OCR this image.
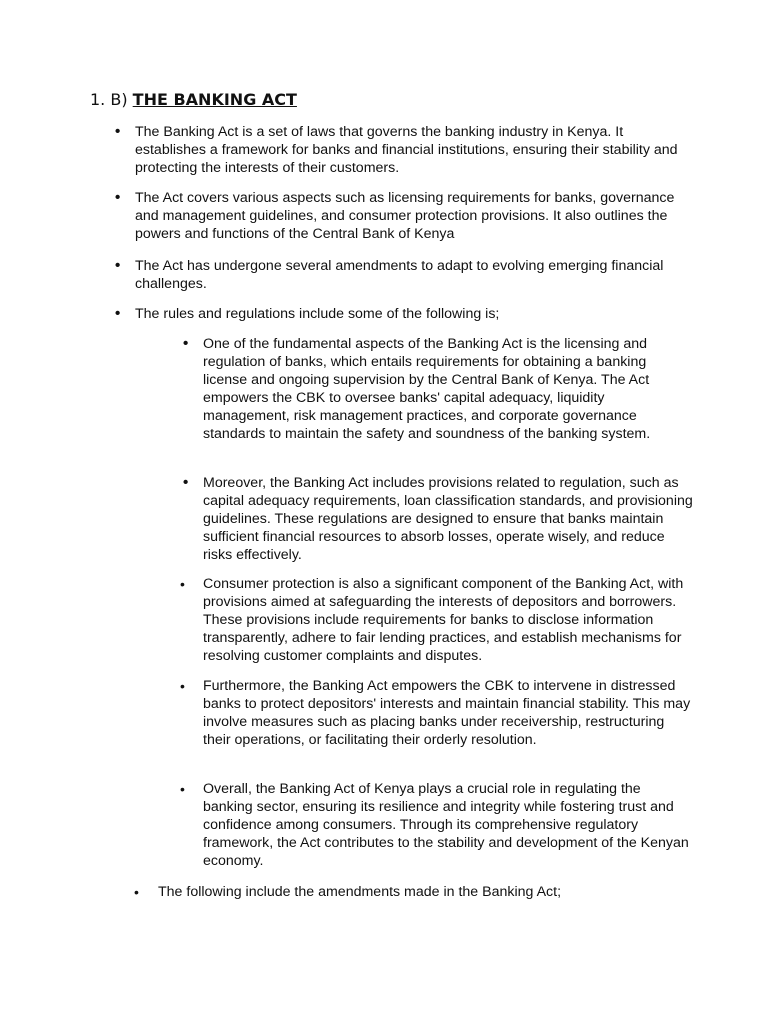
1. B) THE BANKING ACT
• The Banking Act is a set of laws that governs the banking industry in Kenya. It establishes a framework for banks and financial institutions, ensuring their stability and protecting the interests of their customers.

• The Act covers various aspects such as licensing requirements for banks, governance and management guidelines, and consumer protection provisions. It also outlines the powers and functions of the Central Bank of Kenya

• The Act has undergone several amendments to adapt to evolving emerging financial challenges.

• The rules and regulations include some of the following is;

• One of the fundamental aspects of the Banking Act is the licensing and regulation of banks, which entails requirements for obtaining a banking license and ongoing supervision by the Central Bank of Kenya. The Act empowers the CBK to oversee banks' capital adequacy, liquidity management, risk management practices, and corporate governance standards to maintain the safety and soundness of the banking system.

• Moreover, the Banking Act includes provisions related to regulation, such as capital adequacy requirements, loan classification standards, and provisioning guidelines. These regulations are designed to ensure that banks maintain sufficient financial resources to absorb losses, operate wisely, and reduce risks effectively.

• Consumer protection is also a significant component of the Banking Act, with provisions aimed at safeguarding the interests of depositors and borrowers. These provisions include requirements for banks to disclose information transparently, adhere to fair lending practices, and establish mechanisms for resolving customer complaints and disputes.

• Furthermore, the Banking Act empowers the CBK to intervene in distressed banks to protect depositors' interests and maintain financial stability. This may involve measures such as placing banks under receivership, restructuring their operations, or facilitating their orderly resolution.

• Overall, the Banking Act of Kenya plays a crucial role in regulating the banking sector, ensuring its resilience and integrity while fostering trust and confidence among consumers. Through its comprehensive regulatory framework, the Act contributes to the stability and development of the Kenyan economy.

• The following include the amendments made in the Banking Act;
